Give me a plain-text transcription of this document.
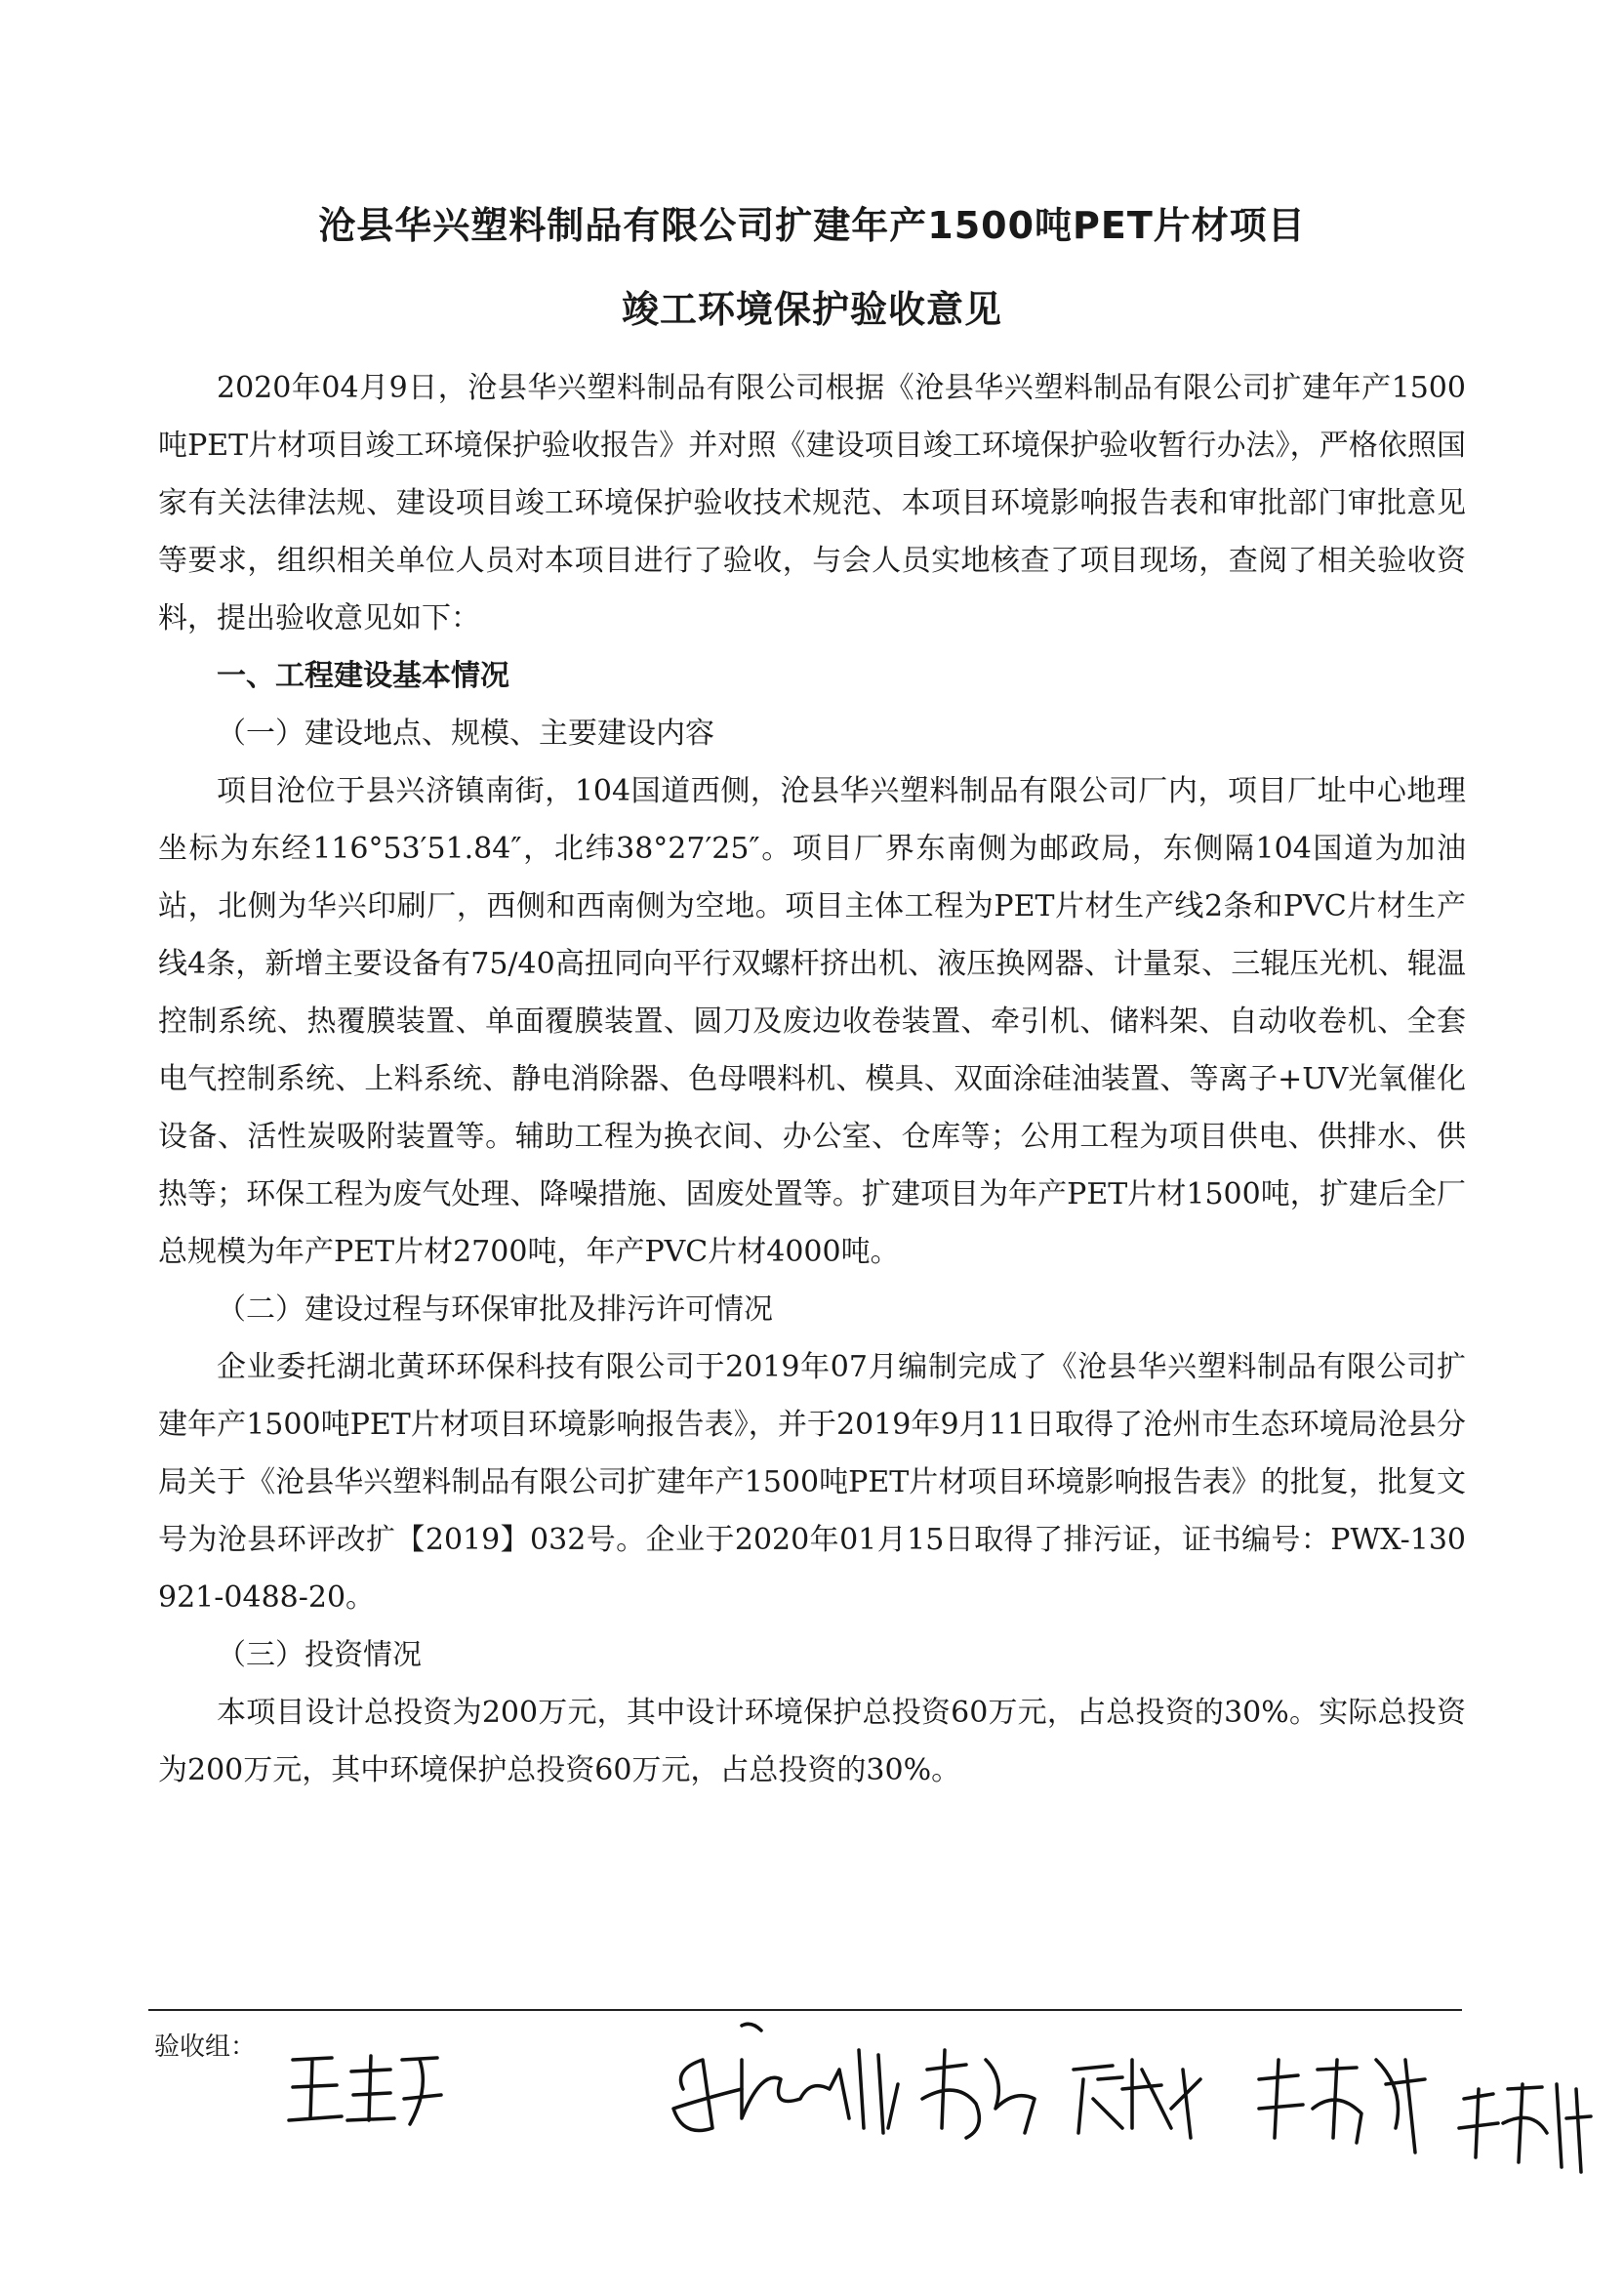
沧县华兴塑料制品有限公司扩建年产1500吨PET片材项目
竣工环境保护验收意见

2020年04月9日，沧县华兴塑料制品有限公司根据《沧县华兴塑料制品有限公司扩建年产1500吨PET片材项目竣工环境保护验收报告》并对照《建设项目竣工环境保护验收暂行办法》，严格依照国家有关法律法规、建设项目竣工环境保护验收技术规范、本项目环境影响报告表和审批部门审批意见等要求，组织相关单位人员对本项目进行了验收，与会人员实地核查了项目现场，查阅了相关验收资料，提出验收意见如下：

一、工程建设基本情况

（一）建设地点、规模、主要建设内容

项目沧位于县兴济镇南街，104国道西侧，沧县华兴塑料制品有限公司厂内，项目厂址中心地理坐标为东经116°53′51.84″，北纬38°27′25″。项目厂界东南侧为邮政局，东侧隔104国道为加油站，北侧为华兴印刷厂，西侧和西南侧为空地。项目主体工程为PET片材生产线2条和PVC片材生产线4条，新增主要设备有75/40高扭同向平行双螺杆挤出机、液压换网器、计量泵、三辊压光机、辊温控制系统、热覆膜装置、单面覆膜装置、圆刀及废边收卷装置、牵引机、储料架、自动收卷机、全套电气控制系统、上料系统、静电消除器、色母喂料机、模具、双面涂硅油装置、等离子+UV光氧催化设备、活性炭吸附装置等。辅助工程为换衣间、办公室、仓库等；公用工程为项目供电、供排水、供热等；环保工程为废气处理、降噪措施、固废处置等。扩建项目为年产PET片材1500吨，扩建后全厂总规模为年产PET片材2700吨，年产PVC片材4000吨。

（二）建设过程与环保审批及排污许可情况

企业委托湖北黄环环保科技有限公司于2019年07月编制完成了《沧县华兴塑料制品有限公司扩建年产1500吨PET片材项目环境影响报告表》，并于2019年9月11日取得了沧州市生态环境局沧县分局关于《沧县华兴塑料制品有限公司扩建年产1500吨PET片材项目环境影响报告表》的批复，批复文号为沧县环评改扩【2019】032号。企业于2020年01月15日取得了排污证，证书编号：PWX-130921-0488-20。

（三）投资情况

本项目设计总投资为200万元，其中设计环境保护总投资60万元，占总投资的30%。实际总投资为200万元，其中环境保护总投资60万元，占总投资的30%。

验收组：
